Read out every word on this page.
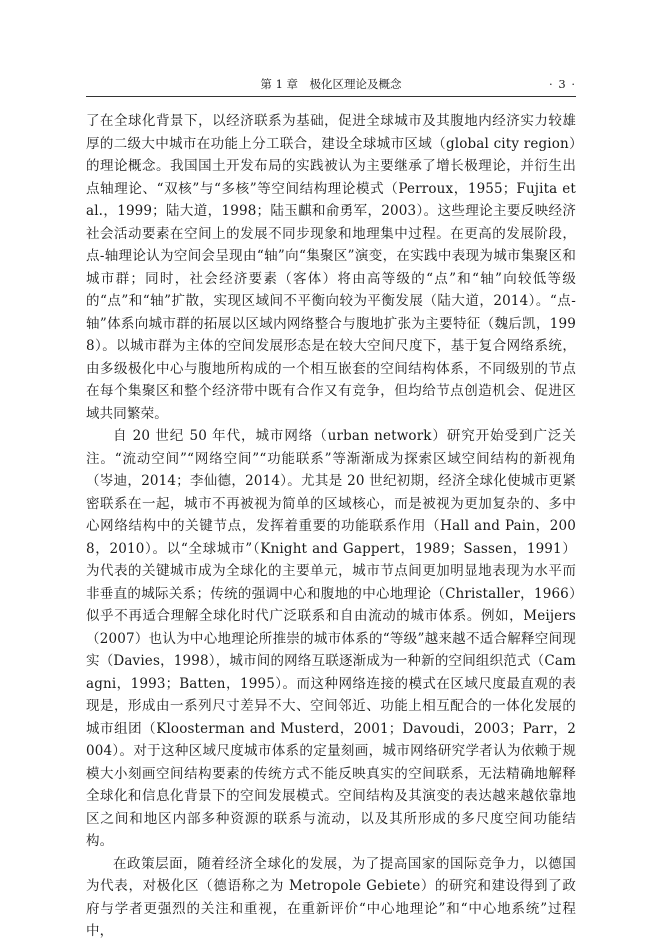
第 1 章　极化区理论及概念	· 3 ·

了在全球化背景下，以经济联系为基础，促进全球城市及其腹地内经济实力较雄厚的二级大中城市在功能上分工联合，建设全球城市区域（global city region）的理论概念。我国国土开发布局的实践被认为主要继承了增长极理论，并衍生出点轴理论、“双核”与“多核”等空间结构理论模式（Perroux，1955；Fujita et al.，1999；陆大道，1998；陆玉麒和俞勇军，2003）。这些理论主要反映经济社会活动要素在空间上的发展不同步现象和地理集中过程。在更高的发展阶段，点-轴理论认为空间会呈现由“轴”向“集聚区”演变，在实践中表现为城市集聚区和城市群；同时，社会经济要素（客体）将由高等级的“点”和“轴”向较低等级的“点”和“轴”扩散，实现区域间不平衡向较为平衡发展（陆大道，2014）。“点-轴”体系向城市群的拓展以区域内网络整合与腹地扩张为主要特征（魏后凯，1998）。以城市群为主体的空间发展形态是在较大空间尺度下，基于复合网络系统，由多级极化中心与腹地所构成的一个相互嵌套的空间结构体系，不同级别的节点在每个集聚区和整个经济带中既有合作又有竞争，但均给节点创造机会、促进区域共同繁荣。

自 20 世纪 50 年代，城市网络（urban network）研究开始受到广泛关注。“流动空间”“网络空间”“功能联系”等渐渐成为探索区域空间结构的新视角（岑迪，2014；李仙德，2014）。尤其是 20 世纪初期，经济全球化使城市更紧密联系在一起，城市不再被视为简单的区域核心，而是被视为更加复杂的、多中心网络结构中的关键节点，发挥着重要的功能联系作用（Hall and Pain，2008，2010）。以“全球城市”（Knight and Gappert，1989；Sassen，1991）为代表的关键城市成为全球化的主要单元，城市节点间更加明显地表现为水平而非垂直的城际关系；传统的强调中心和腹地的中心地理论（Christaller，1966）似乎不再适合理解全球化时代广泛联系和自由流动的城市体系。例如，Meijers（2007）也认为中心地理论所推崇的城市体系的“等级”越来越不适合解释空间现实（Davies，1998），城市间的网络互联逐渐成为一种新的空间组织范式（Camagni，1993；Batten，1995）。而这种网络连接的模式在区域尺度最直观的表现是，形成由一系列尺寸差异不大、空间邻近、功能上相互配合的一体化发展的城市组团（Kloosterman and Musterd，2001；Davoudi，2003；Parr，2004）。对于这种区域尺度城市体系的定量刻画，城市网络研究学者认为依赖于规模大小刻画空间结构要素的传统方式不能反映真实的空间联系，无法精确地解释全球化和信息化背景下的空间发展模式。空间结构及其演变的表达越来越依靠地区之间和地区内部多种资源的联系与流动，以及其所形成的多尺度空间功能结构。

在政策层面，随着经济全球化的发展，为了提高国家的国际竞争力，以德国为代表，对极化区（德语称之为 Metropole Gebiete）的研究和建设得到了政府与学者更强烈的关注和重视，在重新评价“中心地理论”和“中心地系统”过程中，
